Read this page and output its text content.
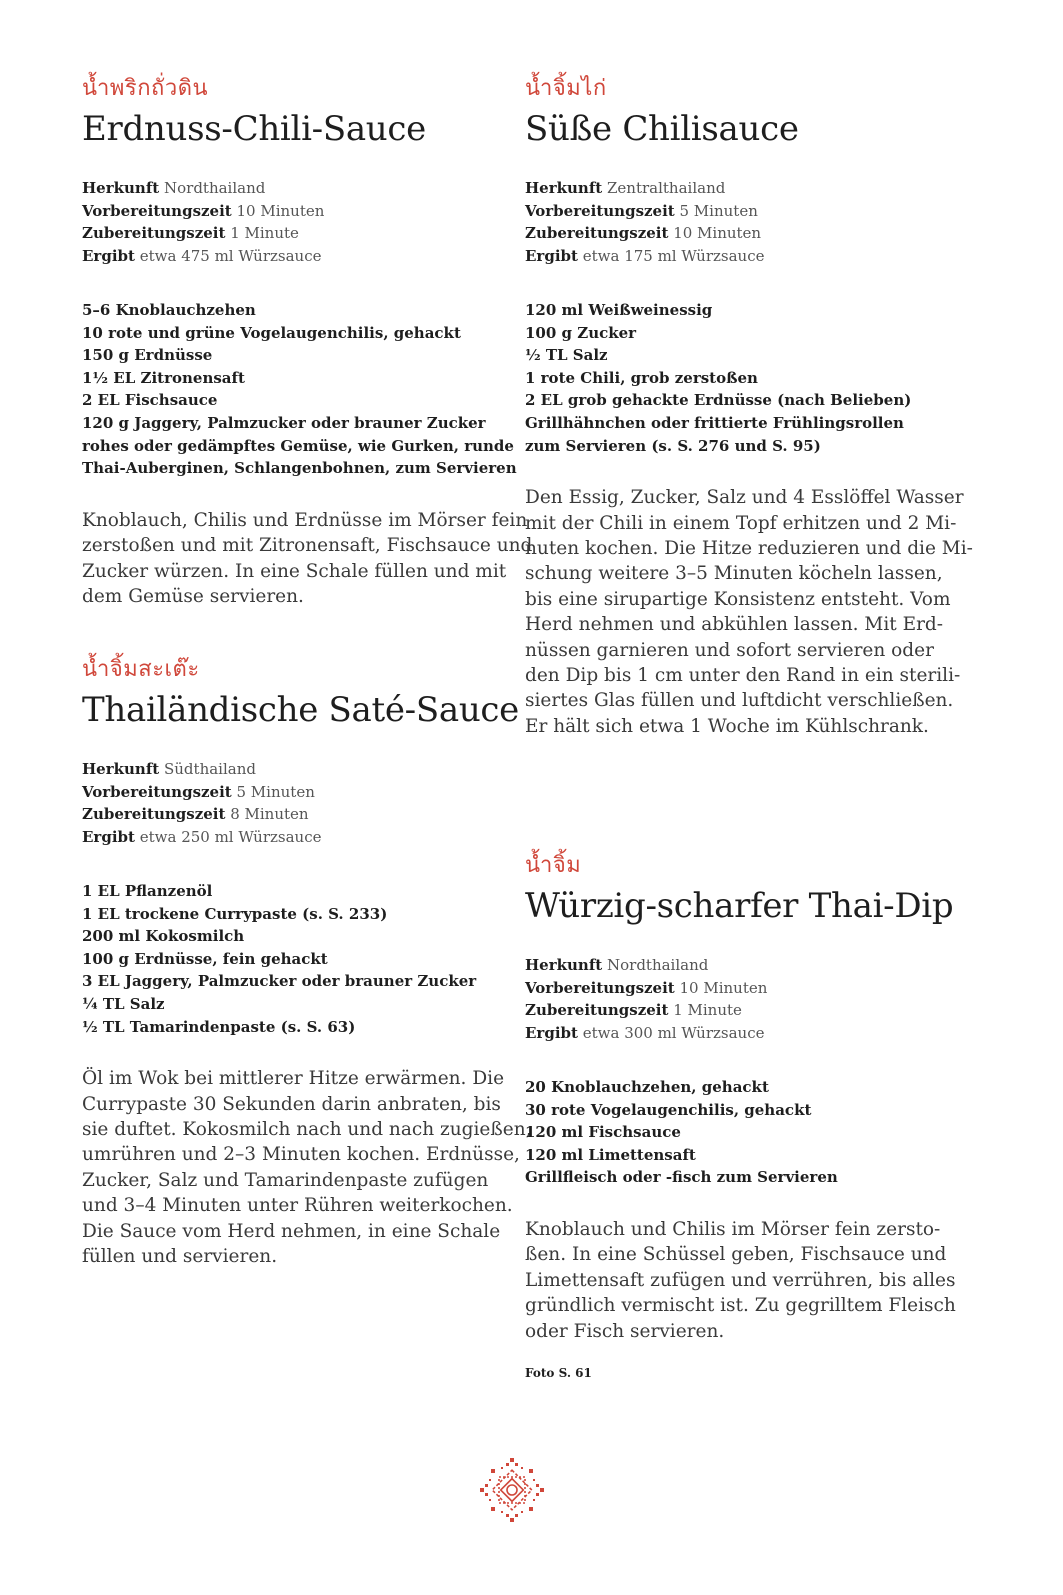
น้ำพริกถั่วดิน
Erdnuss-Chili-Sauce
Herkunft Nordthailand
Vorbereitungszeit 10 Minuten
Zubereitungszeit 1 Minute
Ergibt etwa 475 ml Würzsauce
5–6 Knoblauchzehen
10 rote und grüne Vogelaugenchilis, gehackt
150 g Erdnüsse
1½ EL Zitronensaft
2 EL Fischsauce
120 g Jaggery, Palmzucker oder brauner Zucker
rohes oder gedämpftes Gemüse, wie Gurken, runde
Thai-Auberginen, Schlangenbohnen, zum Servieren
Knoblauch, Chilis und Erdnüsse im Mörser fein
zerstoßen und mit Zitronensaft, Fischsauce und
Zucker würzen. In eine Schale füllen und mit
dem Gemüse servieren.
น้ำจิ้มไก่
Süße Chilisauce
Herkunft Zentralthailand
Vorbereitungszeit 5 Minuten
Zubereitungszeit 10 Minuten
Ergibt etwa 175 ml Würzsauce
120 ml Weißweinessig
100 g Zucker
½ TL Salz
1 rote Chili, grob zerstoßen
2 EL grob gehackte Erdnüsse (nach Belieben)
Grillhähnchen oder frittierte Frühlingsrollen
zum Servieren (s. S. 276 und S. 95)
Den Essig, Zucker, Salz und 4 Esslöffel Wasser
mit der Chili in einem Topf erhitzen und 2 Mi-
nuten kochen. Die Hitze reduzieren und die Mi-
schung weitere 3–5 Minuten köcheln lassen,
bis eine sirupartige Konsistenz entsteht. Vom
Herd nehmen und abkühlen lassen. Mit Erd-
nüssen garnieren und sofort servieren oder
den Dip bis 1 cm unter den Rand in ein sterili-
siertes Glas füllen und luftdicht verschließen.
Er hält sich etwa 1 Woche im Kühlschrank.
น้ำจิ้มสะเต๊ะ
Thailändische Saté-Sauce
Herkunft Südthailand
Vorbereitungszeit 5 Minuten
Zubereitungszeit 8 Minuten
Ergibt etwa 250 ml Würzsauce
1 EL Pflanzenöl
1 EL trockene Currypaste (s. S. 233)
200 ml Kokosmilch
100 g Erdnüsse, fein gehackt
3 EL Jaggery, Palmzucker oder brauner Zucker
¼ TL Salz
½ TL Tamarindenpaste (s. S. 63)
Öl im Wok bei mittlerer Hitze erwärmen. Die
Currypaste 30 Sekunden darin anbraten, bis
sie duftet. Kokosmilch nach und nach zugießen,
umrühren und 2–3 Minuten kochen. Erdnüsse,
Zucker, Salz und Tamarindenpaste zufügen
und 3–4 Minuten unter Rühren weiterkochen.
Die Sauce vom Herd nehmen, in eine Schale
füllen und servieren.
น้ำจิ้ม
Würzig-scharfer Thai-Dip
Herkunft Nordthailand
Vorbereitungszeit 10 Minuten
Zubereitungszeit 1 Minute
Ergibt etwa 300 ml Würzsauce
20 Knoblauchzehen, gehackt
30 rote Vogelaugenchilis, gehackt
120 ml Fischsauce
120 ml Limettensaft
Grillfleisch oder -fisch zum Servieren
Knoblauch und Chilis im Mörser fein zersto-
ßen. In eine Schüssel geben, Fischsauce und
Limettensaft zufügen und verrühren, bis alles
gründlich vermischt ist. Zu gegrilltem Fleisch
oder Fisch servieren.
Foto S. 61
